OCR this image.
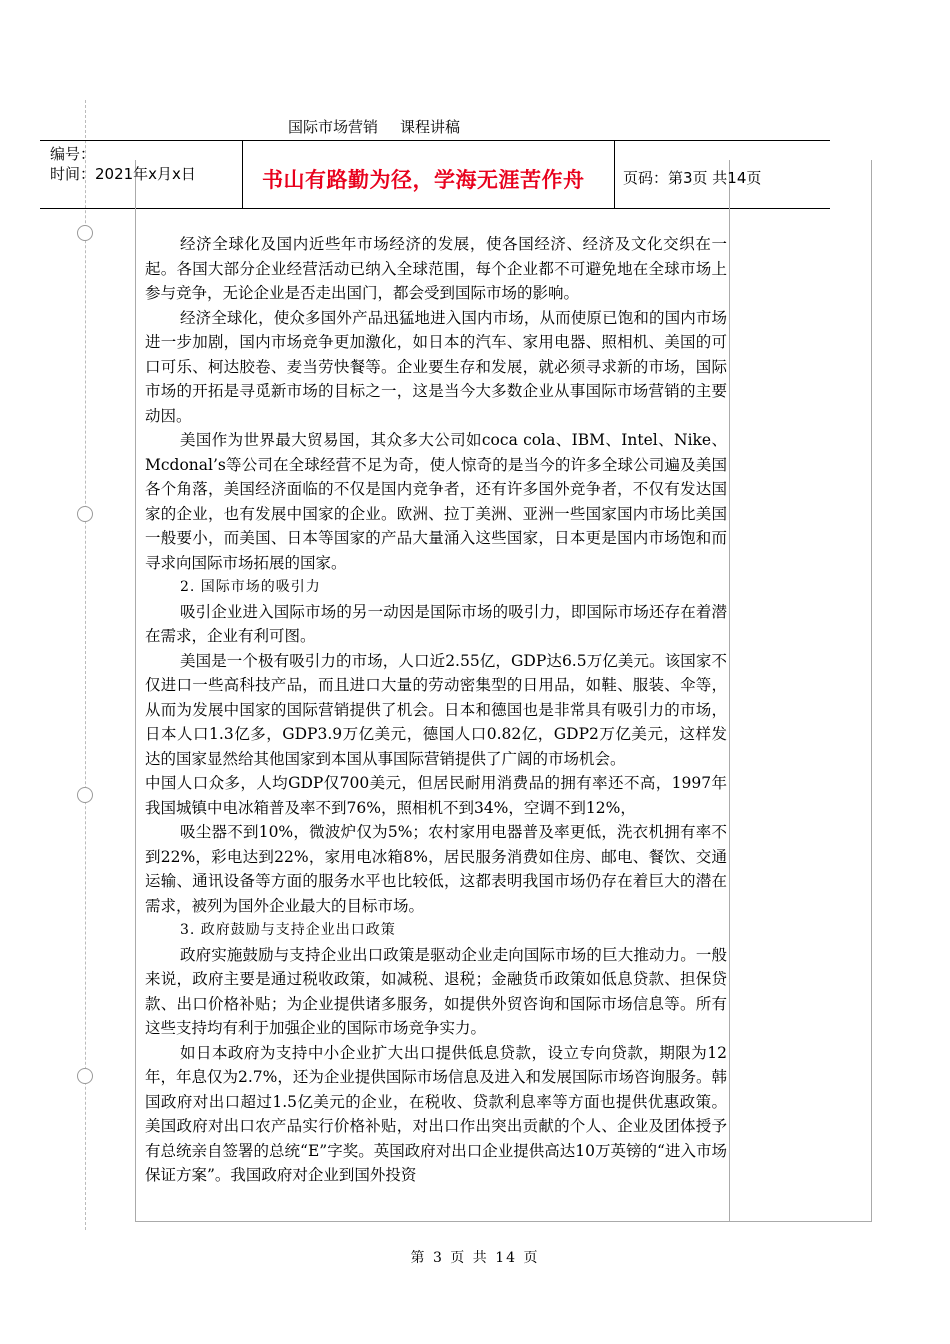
国际市场营销 课程讲稿
编号：
时间：2021年x月x日	书山有路勤为径，学海无涯苦作舟	页码：第3页 共14页

经济全球化及国内近些年市场经济的发展，使各国经济、经济及文化交织在一起。各国大部分企业经营活动已纳入全球范围，每个企业都不可避免地在全球市场上参与竞争，无论企业是否走出国门，都会受到国际市场的影响。

经济全球化，使众多国外产品迅猛地进入国内市场，从而使原已饱和的国内市场进一步加剧，国内市场竞争更加激化，如日本的汽车、家用电器、照相机、美国的可口可乐、柯达胶卷、麦当劳快餐等。企业要生存和发展，就必须寻求新的市场，国际市场的开拓是寻觅新市场的目标之一，这是当今大多数企业从事国际市场营销的主要动因。

美国作为世界最大贸易国，其众多大公司如coca cola、IBM、Intel、Nike、Mcdonal’s等公司在全球经营不足为奇，使人惊奇的是当今的许多全球公司遍及美国各个角落，美国经济面临的不仅是国内竞争者，还有许多国外竞争者，不仅有发达国家的企业，也有发展中国家的企业。欧洲、拉丁美洲、亚洲一些国家国内市场比美国一般要小，而美国、日本等国家的产品大量涌入这些国家，日本更是国内市场饱和而寻求向国际市场拓展的国家。

2. 国际市场的吸引力

吸引企业进入国际市场的另一动因是国际市场的吸引力，即国际市场还存在着潜在需求，企业有利可图。

美国是一个极有吸引力的市场，人口近2.55亿，GDP达6.5万亿美元。该国家不仅进口一些高科技产品，而且进口大量的劳动密集型的日用品，如鞋、服装、伞等，从而为发展中国家的国际营销提供了机会。日本和德国也是非常具有吸引力的市场，日本人口1.3亿多，GDP3.9万亿美元，德国人口0.82亿，GDP2万亿美元，这样发达的国家显然给其他国家到本国从事国际营销提供了广阔的市场机会。

中国人口众多，人均GDP仅700美元，但居民耐用消费品的拥有率还不高，1997年我国城镇中电冰箱普及率不到76%，照相机不到34%，空调不到12%，

吸尘器不到10%，微波炉仅为5%；农村家用电器普及率更低，洗衣机拥有率不到22%，彩电达到22%，家用电冰箱8%，居民服务消费如住房、邮电、餐饮、交通运输、通讯设备等方面的服务水平也比较低，这都表明我国市场仍存在着巨大的潜在需求，被列为国外企业最大的目标市场。

3. 政府鼓励与支持企业出口政策

政府实施鼓励与支持企业出口政策是驱动企业走向国际市场的巨大推动力。一般来说，政府主要是通过税收政策，如减税、退税；金融货币政策如低息贷款、担保贷款、出口价格补贴；为企业提供诸多服务，如提供外贸咨询和国际市场信息等。所有这些支持均有利于加强企业的国际市场竞争实力。

如日本政府为支持中小企业扩大出口提供低息贷款，设立专向贷款，期限为12年，年息仅为2.7%，还为企业提供国际市场信息及进入和发展国际市场咨询服务。韩国政府对出口超过1.5亿美元的企业，在税收、贷款利息率等方面也提供优惠政策。美国政府对出口农产品实行价格补贴，对出口作出突出贡献的个人、企业及团体授予有总统亲自签署的总统“E”字奖。英国政府对出口企业提供高达10万英镑的“进入市场保证方案”。我国政府对企业到国外投资

第 3 页 共 14 页
